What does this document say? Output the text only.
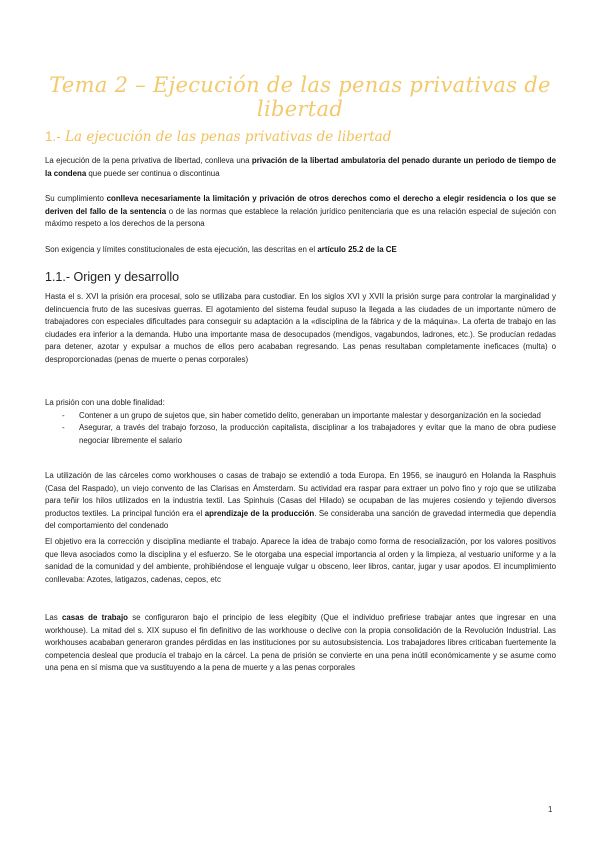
Tema 2 – Ejecución de las penas privativas de
libertad
1.- La ejecución de las penas privativas de libertad

La ejecución de la pena privativa de libertad, conlleva una privación de la libertad ambulatoria del penado durante un periodo de tiempo de la condena que puede ser continua o discontinua

Su cumplimiento conlleva necesariamente la limitación y privación de otros derechos como el derecho a elegir residencia o los que se deriven del fallo de la sentencia o de las normas que establece la relación jurídico penitenciaria que es una relación especial de sujeción con máximo respeto a los derechos de la persona

Son exigencia y límites constitucionales de esta ejecución, las descritas en el artículo 25.2 de la CE

1.1.- Origen y desarrollo

Hasta el s. XVI la prisión era procesal, solo se utilizaba para custodiar. En los siglos XVI y XVII la prisión surge para controlar la marginalidad y delincuencia fruto de las sucesivas guerras. El agotamiento del sistema feudal supuso la llegada a las ciudades de un importante número de trabajadores con especiales dificultades para conseguir su adaptación a la «disciplina de la fábrica y de la máquina». La oferta de trabajo en las ciudades era inferior a la demanda. Hubo una importante masa de desocupados (mendigos, vagabundos, ladrones, etc.). Se producían redadas para detener, azotar y expulsar a muchos de ellos pero acababan regresando. Las penas resultaban completamente ineficaces (multa) o desproporcionadas (penas de muerte o penas corporales)

La prisión con una doble finalidad:
- Contener a un grupo de sujetos que, sin haber cometido delito, generaban un importante malestar y desorganización en la sociedad
- Asegurar, a través del trabajo forzoso, la producción capitalista, disciplinar a los trabajadores y evitar que la mano de obra pudiese negociar libremente el salario

La utilización de las cárceles como workhouses o casas de trabajo se extendió a toda Europa. En 1956, se inauguró en Holanda la Rasphuis (Casa del Raspado), un viejo convento de las Clarisas en Ámsterdam. Su actividad era raspar para extraer un polvo fino y rojo que se utilizaba para teñir los hilos utilizados en la industria textil. Las Spinhuis (Casas del Hilado) se ocupaban de las mujeres cosiendo y tejiendo diversos productos textiles. La principal función era el aprendizaje de la producción. Se consideraba una sanción de gravedad intermedia que dependía del comportamiento del condenado

El objetivo era la corrección y disciplina mediante el trabajo. Aparece la idea de trabajo como forma de resocialización, por los valores positivos que lleva asociados como la disciplina y el esfuerzo. Se le otorgaba una especial importancia al orden y la limpieza, al vestuario uniforme y a la sanidad de la comunidad y del ambiente, prohibiéndose el lenguaje vulgar u obsceno, leer libros, cantar, jugar y usar apodos. El incumplimiento conllevaba: Azotes, latigazos, cadenas, cepos, etc

Las casas de trabajo se configuraron bajo el principio de less elegibity (Que el individuo prefiriese trabajar antes que ingresar en una workhouse). La mitad del s. XIX supuso el fin definitivo de las workhouse o declive con la propia consolidación de la Revolución Industrial. Las workhouses acababan generaron grandes pérdidas en las instituciones por su autosubsistencia. Los trabajadores libres criticaban fuertemente la competencia desleal que producía el trabajo en la cárcel. La pena de prisión se convierte en una pena inútil económicamente y se asume como una pena en sí misma que va sustituyendo a la pena de muerte y a las penas corporales

1
